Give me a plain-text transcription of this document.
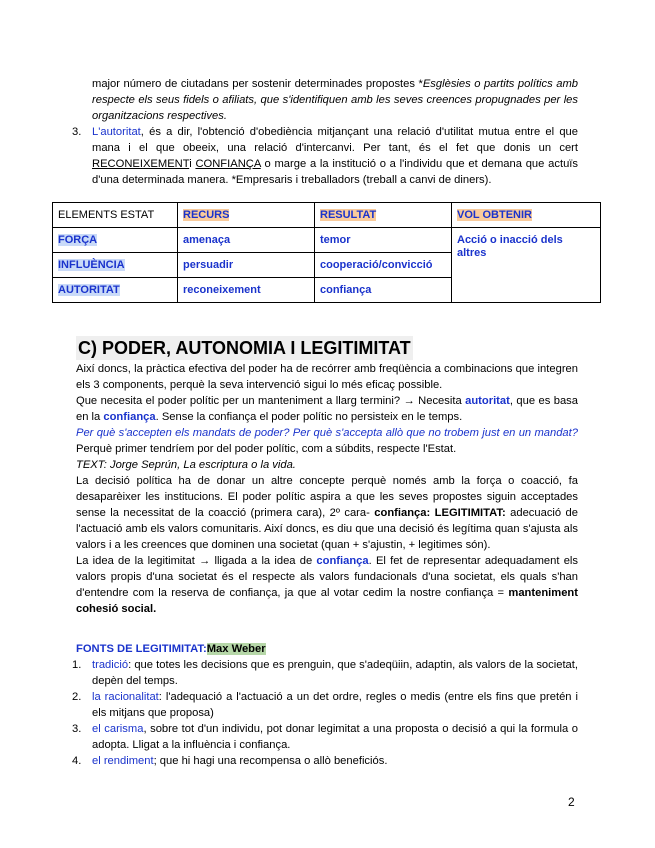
major número de ciutadans per sostenir determinades propostes *Esglèsies o partits polítics amb respecte els seus fidels o afiliats, que s'identifiquen amb les seves creences propugnades per les organitzacions respectives.
3. L'autoritat, és a dir, l'obtenció d'obediència mitjançant una relació d'utilitat mutua entre el que mana i el que obeeix, una relació d'intercanvi. Per tant, és el fet que donis un cert RECONEIXEMENTi CONFIANÇA o marge a la institució o a l'individu que et demana que actuïs d'una determinada manera. *Empresaris i treballadors (treball a canvi de diners).
ELEMENTS ESTAT	RECURS	RESULTAT	VOL OBTENIR
FORÇA	amenaça	temor	Acció o inacció dels altres
INFLUÈNCIA	persuadir	cooperació/convicció	
AUTORITAT	reconeixement	confiança	
C) PODER, AUTONOMIA I LEGITIMITAT
Així doncs, la pràctica efectiva del poder ha de recórrer amb freqüència a combinacions que integren els 3 components, perquè la seva intervenció sigui lo més eficaç possible.
Que necesita el poder polític per un manteniment a llarg termini? → Necesita autoritat, que es basa en la confiança. Sense la confiança el poder polític no persisteix en le temps.
Per què s'accepten els mandats de poder? Per què s'accepta allò que no trobem just en un mandat? Perquè primer tendríem por del poder polític, com a súbdits, respecte l'Estat.
TEXT: Jorge Seprún, La escriptura o la vida.
La decisió política ha de donar un altre concepte perquè només amb la força o coacció, fa desaparèixer les institucions. El poder polític aspira a que les seves propostes siguin acceptades sense la necessitat de la coacció (primera cara), 2º cara- confiança: LEGITIMITAT: adecuació de l'actuació amb els valors comunitaris. Així doncs, es diu que una decisió és legítima quan s'ajusta als valors i a les creences que dominen una societat (quan + s'ajustin, + legitimes són).
La idea de la legitimitat → lligada a la idea de confiança. El fet de representar adequadament els valors propis d'una societat és el respecte als valors fundacionals d'una societat, els quals s'han d'entendre com la reserva de confiança, ja que al votar cedim la nostre confiança = manteniment cohesió social.
FONTS DE LEGITIMITAT:Max Weber
1. tradició: que totes les decisions que es prenguin, que s'adeqüiin, adaptin, als valors de la societat, depèn del temps.
2. la racionalitat: l'adequació a l'actuació a un det ordre, regles o medis (entre els fins que pretén i els mitjans que proposa)
3. el carisma, sobre tot d'un individu, pot donar legimitat a una proposta o decisió a qui la formula o adopta. Lligat a la influència i confiança.
4. el rendiment; que hi hagi una recompensa o allò beneficiós.
2
